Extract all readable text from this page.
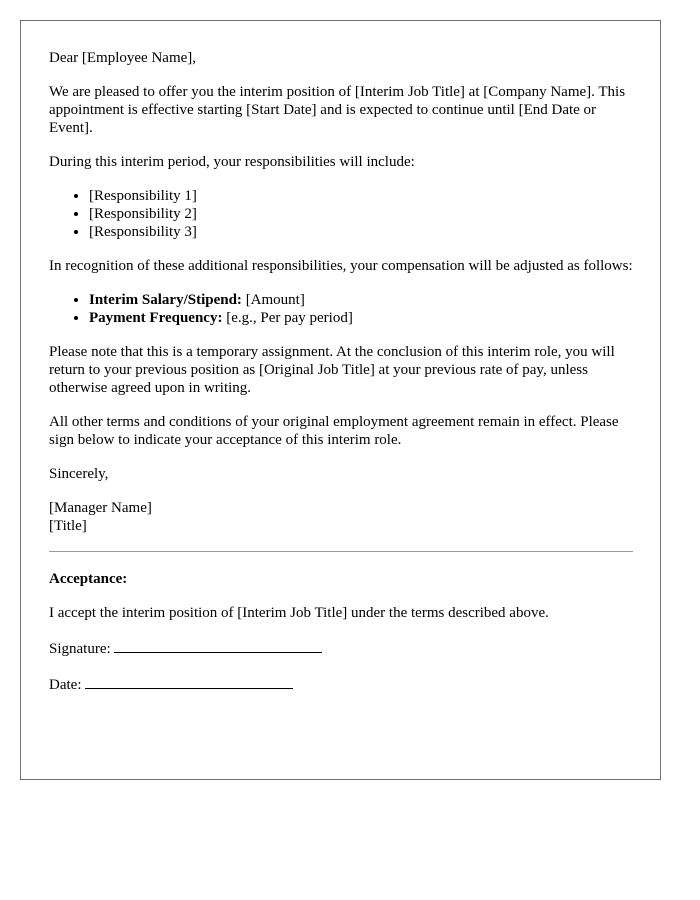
Dear [Employee Name],

We are pleased to offer you the interim position of [Interim Job Title] at [Company Name]. This appointment is effective starting [Start Date] and is expected to continue until [End Date or Event].

During this interim period, your responsibilities will include:

• [Responsibility 1]
• [Responsibility 2]
• [Responsibility 3]

In recognition of these additional responsibilities, your compensation will be adjusted as follows:

• Interim Salary/Stipend: [Amount]
• Payment Frequency: [e.g., Per pay period]

Please note that this is a temporary assignment. At the conclusion of this interim role, you will return to your previous position as [Original Job Title] at your previous rate of pay, unless otherwise agreed upon in writing.

All other terms and conditions of your original employment agreement remain in effect. Please sign below to indicate your acceptance of this interim role.

Sincerely,

[Manager Name]

[Title]

Acceptance:

I accept the interim position of [Interim Job Title] under the terms described above.

Signature:

Date:
